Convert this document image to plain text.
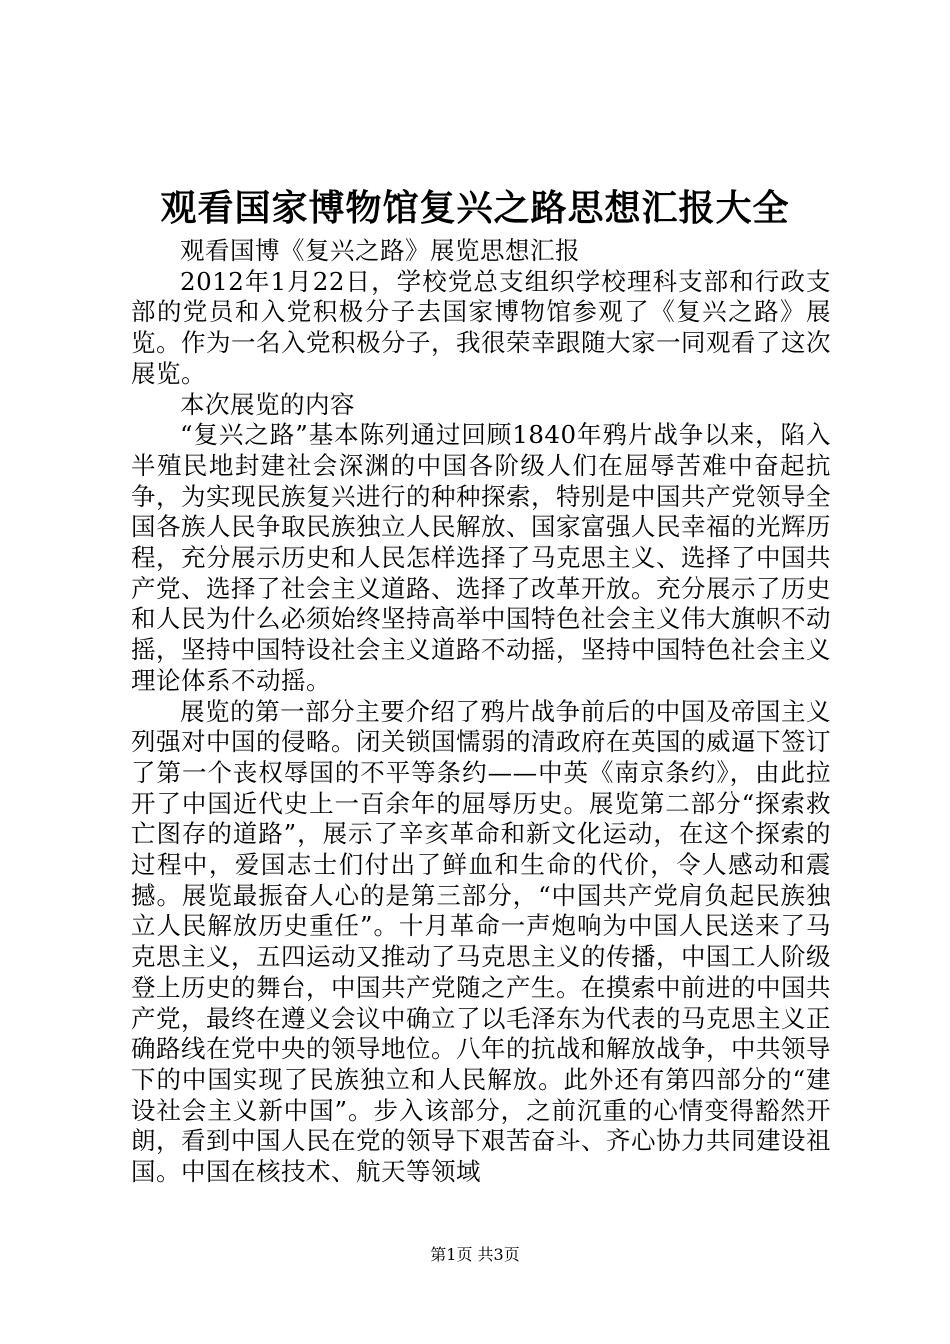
观看国家博物馆复兴之路思想汇报大全

观看国博《复兴之路》展览思想汇报

2012年1月22日，学校党总支组织学校理科支部和行政支部的党员和入党积极分子去国家博物馆参观了《复兴之路》展览。作为一名入党积极分子，我很荣幸跟随大家一同观看了这次展览。

本次展览的内容

“复兴之路”基本陈列通过回顾1840年鸦片战争以来，陷入半殖民地封建社会深渊的中国各阶级人们在屈辱苦难中奋起抗争，为实现民族复兴进行的种种探索，特别是中国共产党领导全国各族人民争取民族独立人民解放、国家富强人民幸福的光辉历程，充分展示历史和人民怎样选择了马克思主义、选择了中国共产党、选择了社会主义道路、选择了改革开放。充分展示了历史和人民为什么必须始终坚持高举中国特色社会主义伟大旗帜不动摇，坚持中国特设社会主义道路不动摇，坚持中国特色社会主义理论体系不动摇。

展览的第一部分主要介绍了鸦片战争前后的中国及帝国主义列强对中国的侵略。闭关锁国懦弱的清政府在英国的威逼下签订了第一个丧权辱国的不平等条约——中英《南京条约》，由此拉开了中国近代史上一百余年的屈辱历史。展览第二部分“探索救亡图存的道路”，展示了辛亥革命和新文化运动，在这个探索的过程中，爱国志士们付出了鲜血和生命的代价，令人感动和震撼。展览最振奋人心的是第三部分，“中国共产党肩负起民族独立人民解放历史重任”。十月革命一声炮响为中国人民送来了马克思主义，五四运动又推动了马克思主义的传播，中国工人阶级登上历史的舞台，中国共产党随之产生。在摸索中前进的中国共产党，最终在遵义会议中确立了以毛泽东为代表的马克思主义正确路线在党中央的领导地位。八年的抗战和解放战争，中共领导下的中国实现了民族独立和人民解放。此外还有第四部分的“建设社会主义新中国”。步入该部分，之前沉重的心情变得豁然开朗，看到中国人民在党的领导下艰苦奋斗、齐心协力共同建设祖国。中国在核技术、航天等领域

第1页 共3页
